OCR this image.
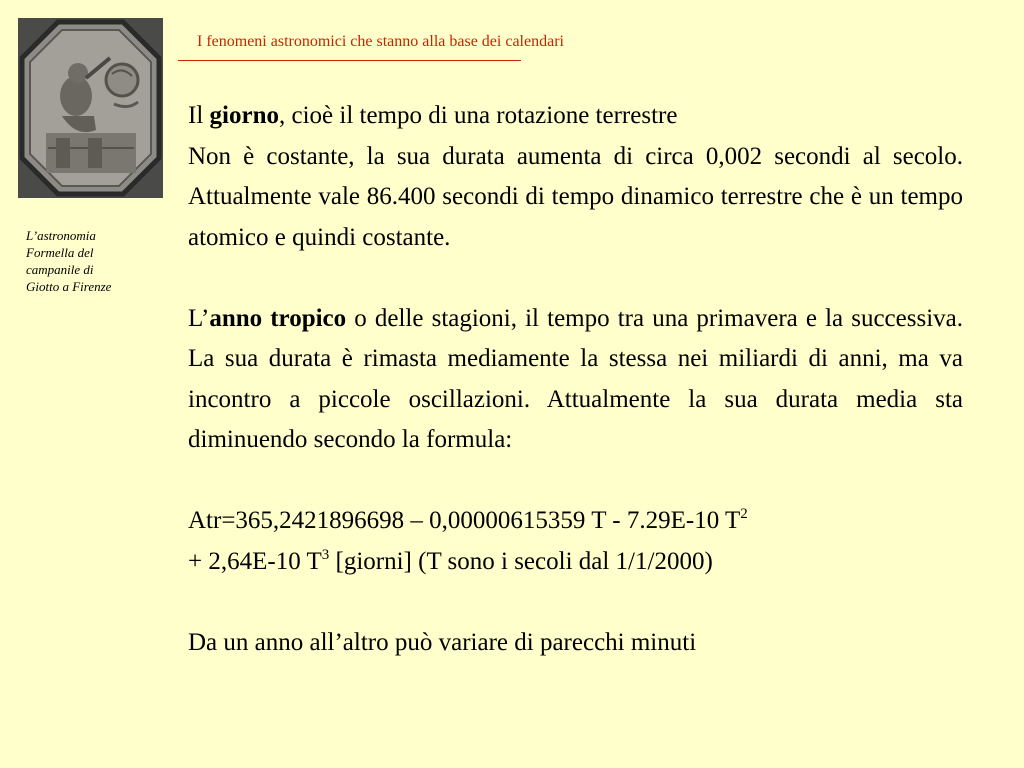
L’astronomia
Formella del
campanile di
Giotto a Firenze
I fenomeni astronomici che stanno alla base dei calendari

Il giorno, cioè il tempo di una rotazione terrestre

Non è costante, la sua durata aumenta di circa 0,002 secondi al secolo. Attualmente vale 86.400 secondi di tempo dinamico terrestre che è un tempo atomico e quindi costante.

L’anno tropico o delle stagioni, il tempo tra una primavera e la successiva. La sua durata è rimasta mediamente la stessa nei miliardi di anni, ma va incontro a piccole oscillazioni. Attualmente la sua durata media sta diminuendo secondo la formula:

Atr=365,2421896698 – 0,00000615359 T - 7.29E-10 $T^2$
+ 2,64E-10 $T^3$ [giorni] (T sono i secoli dal 1/1/2000)

Da un anno all’altro può variare di parecchi minuti
